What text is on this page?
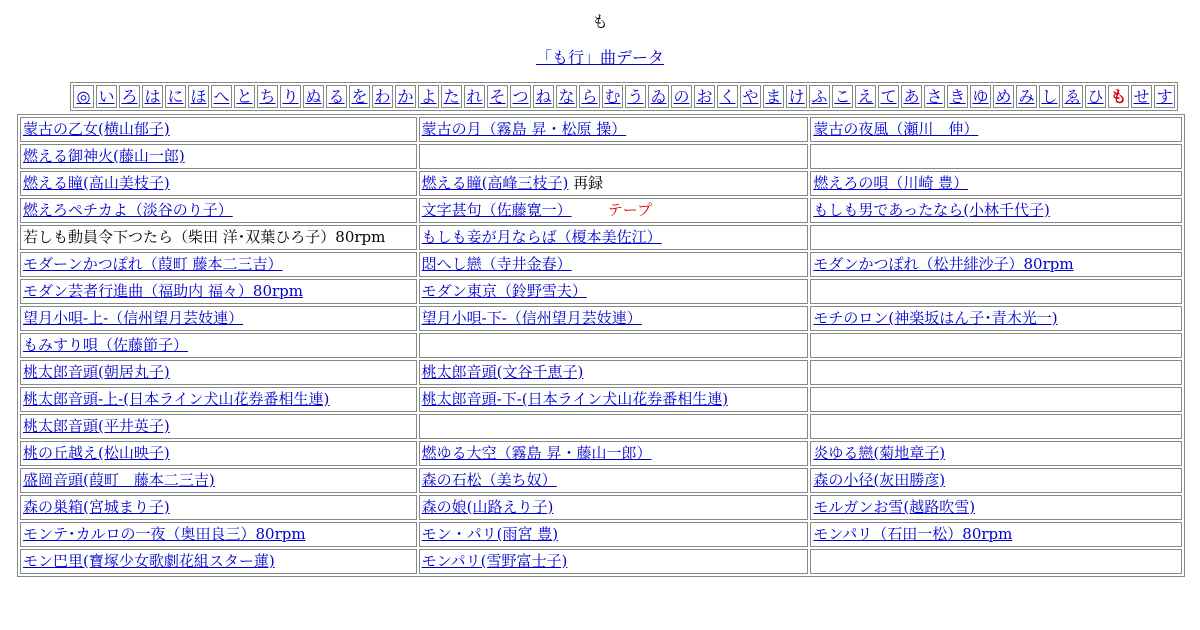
も
「も行」曲データ
◎	い	ろ	は	に	ほ	へ	と	ち	り	ぬ	る	を	わ	か	よ	た	れ	そ	つ	ね	な	ら	む	う	ゐ	の	お	く	や	ま	け	ふ	こ	え	て	あ	さ	き	ゆ	め	み	し	ゑ	ひ	も	せ	す
蒙古の乙女(横山郁子)	蒙古の月（霧島 昇・松原 操）	蒙古の夜風（瀬川　伸）
燃える御神火(藤山一郎)		
燃える瞳(高山美枝子)	燃える瞳(高峰三枝子) 再録	燃えろの唄（川崎 豊）
燃えろペチカよ（淡谷のり子）	文字甚句（佐藤寛一） テープ	もしも男であったなら(小林千代子)
若しも動員令下つたら（柴田 洋･双葉ひろ子）80rpm	もしも妾が月ならば（榎本美佐江）	
モダーンかつぽれ（葭町 藤本二三吉）	悶へし戀（寺井金春）	モダンかつぽれ（松井緋沙子）80rpm
モダン芸者行進曲（福助内 福々）80rpm	モダン東京（鈴野雪夫）	
望月小唄-上-（信州望月芸妓連）	望月小唄-下-（信州望月芸妓連）	モチのロン(神楽坂はん子･青木光一)
もみすり唄（佐藤節子）		
桃太郎音頭(朝居丸子)	桃太郎音頭(文谷千恵子)	
桃太郎音頭-上-(日本ライン犬山花券番相生連)	桃太郎音頭-下-(日本ライン犬山花券番相生連)	
桃太郎音頭(平井英子)		
桃の丘越え(松山映子)	燃ゆる大空（霧島 昇・藤山一郎）	炎ゆる戀(菊地章子)
盛岡音頭(葭町　藤本二三吉)	森の石松（美ち奴）	森の小径(灰田勝彦)
森の巣箱(宮城まり子)	森の娘(山路えり子)	モルガンお雪(越路吹雪)
モンテ･カルロの一夜（奥田良三）80rpm	モン・パリ(雨宮 豊)	モンパリ（石田一松）80rpm
モン巴里(寶塚少女歌劇花組スター蓮)	モンパリ(雪野富士子)	
